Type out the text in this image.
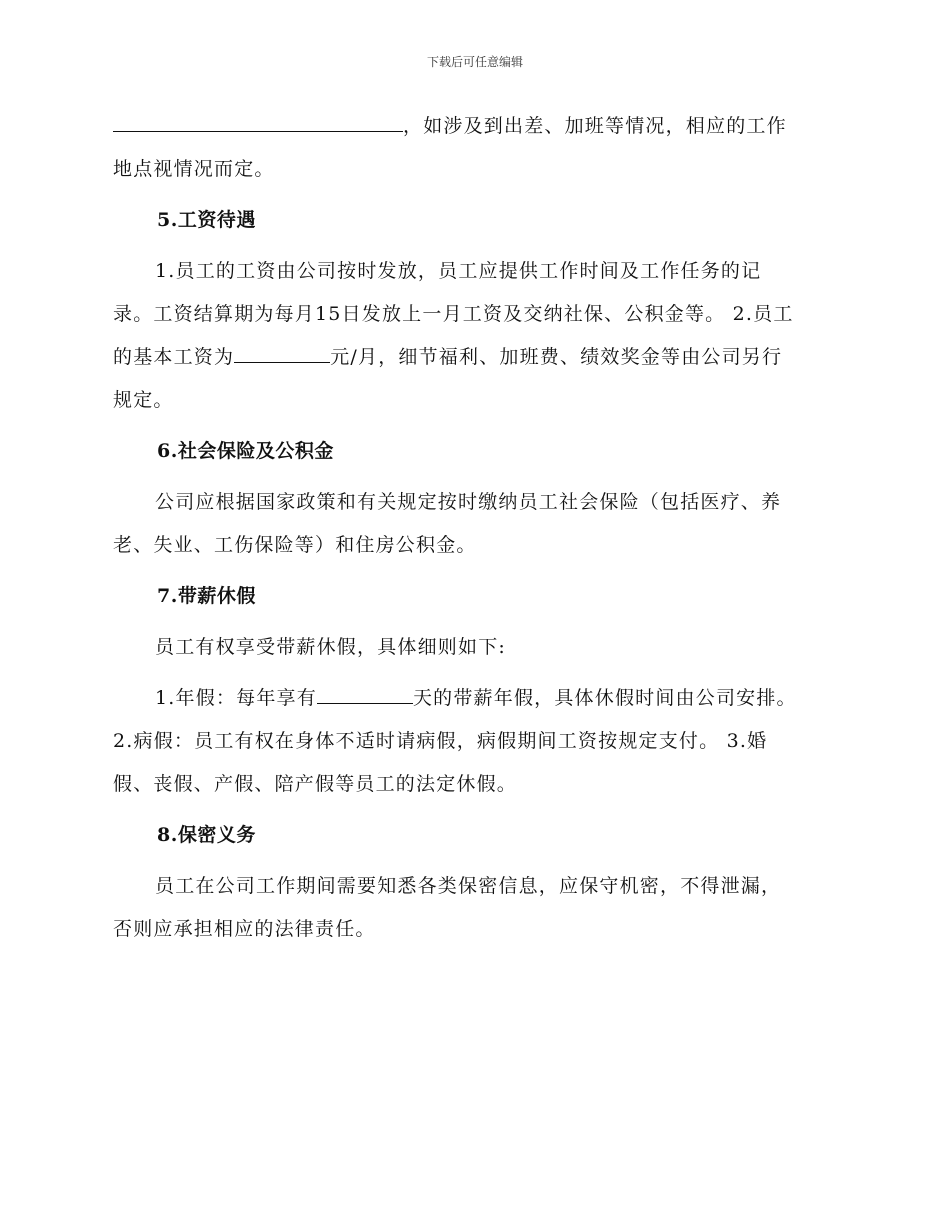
下载后可任意编辑
，如涉及到出差、加班等情况，相应的工作
地点视情况而定。
5.工资待遇
1.员工的工资由公司按时发放，员工应提供工作时间及工作任务的记
录。工资结算期为每月15日发放上一月工资及交纳社保、公积金等。 2.员工
的基本工资为	元/月，细节福利、加班费、绩效奖金等由公司另行
规定。
6.社会保险及公积金
公司应根据国家政策和有关规定按时缴纳员工社会保险（包括医疗、养
老、失业、工伤保险等）和住房公积金。
7.带薪休假
员工有权享受带薪休假，具体细则如下:
1.年假：每年享有	天的带薪年假，具体休假时间由公司安排。
2.病假：员工有权在身体不适时请病假，病假期间工资按规定支付。 3.婚
假、丧假、产假、陪产假等员工的法定休假。
8.保密义务
员工在公司工作期间需要知悉各类保密信息，应保守机密，不得泄漏，
否则应承担相应的法律责任。
